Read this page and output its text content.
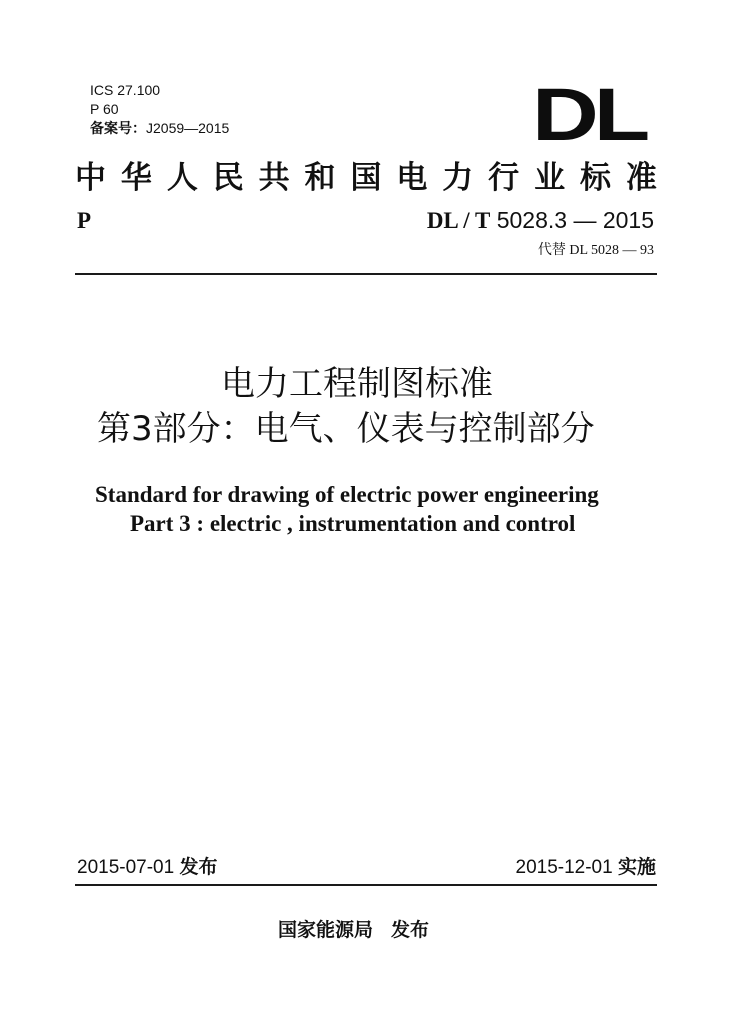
ICS 27.100
P 60
备案号：J2059—2015	DL
中 华 人 民 共 和 国 电 力 行 业 标 准
P	DL / T 5028.3 — 2015
代替 DL 5028 — 93
电力工程制图标准
第3部分：电气、仪表与控制部分
Standard for drawing of electric power engineering
Part 3 : electric , instrumentation and control
2015-07-01 发布	2015-12-01 实施
国家能源局 发布
